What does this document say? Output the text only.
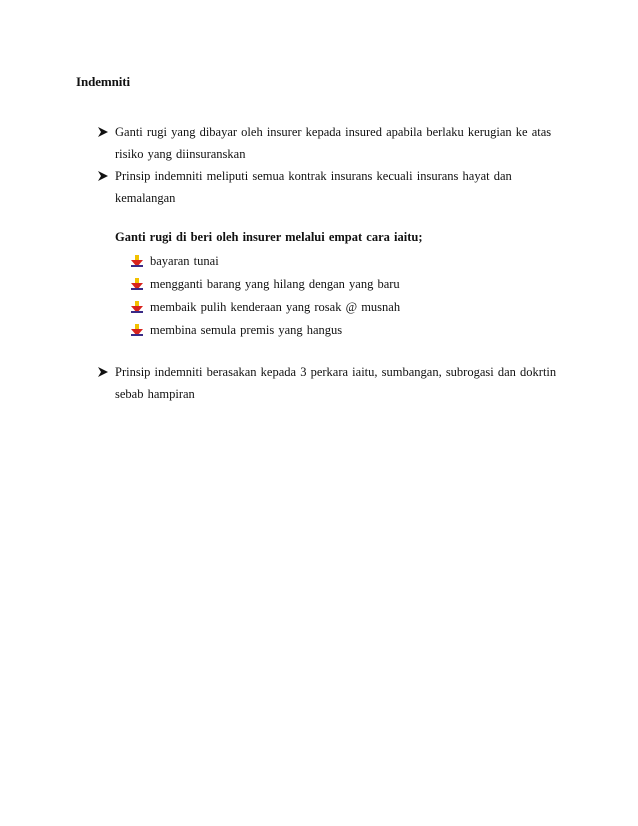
Indemniti
Ganti rugi yang dibayar oleh insurer kepada insured apabila berlaku kerugian ke atas risiko yang diinsuranskan
Prinsip indemniti meliputi semua kontrak insurans kecuali insurans hayat dan kemalangan
Ganti rugi di beri oleh insurer melalui empat cara iaitu;
bayaran tunai
mengganti barang yang hilang dengan yang baru
membaik pulih kenderaan yang rosak @ musnah
membina semula premis yang hangus
Prinsip indemniti berasakan kepada 3 perkara iaitu, sumbangan, subrogasi dan dokrtin sebab hampiran
